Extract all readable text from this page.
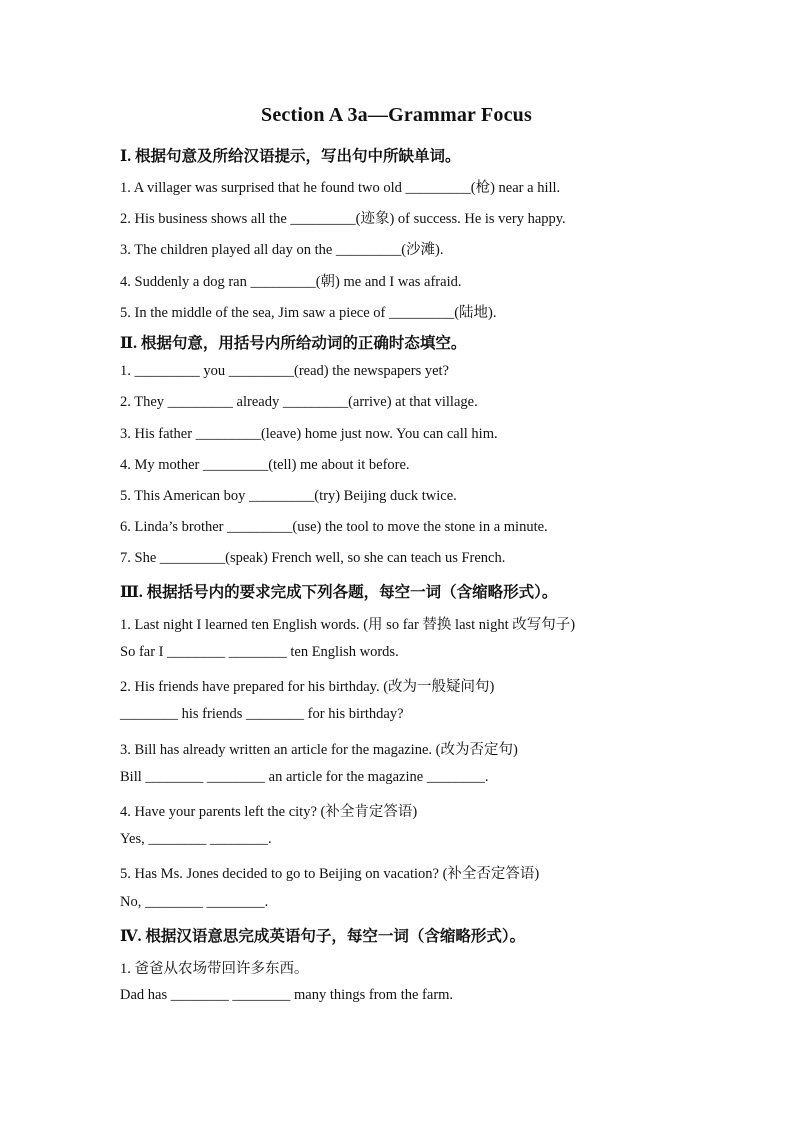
Section A 3a—Grammar Focus
Ⅰ. 根据句意及所给汉语提示，写出句中所缺单词。
1. A villager was surprised that he found two old _________(枪) near a hill.
2. His business shows all the _________(迹象) of success. He is very happy.
3. The children played all day on the _________(沙滩).
4. Suddenly a dog ran _________(朝) me and I was afraid.
5. In the middle of the sea, Jim saw a piece of _________(陆地).
Ⅱ. 根据句意，用括号内所给动词的正确时态填空。
1. _________ you _________(read) the newspapers yet?
2. They _________ already _________(arrive) at that village.
3. His father _________(leave) home just now. You can call him.
4. My mother _________(tell) me about it before.
5. This American boy _________(try) Beijing duck twice.
6. Linda’s brother _________(use) the tool to move the stone in a minute.
7. She _________(speak) French well, so she can teach us French.
Ⅲ. 根据括号内的要求完成下列各题，每空一词（含缩略形式）。
1. Last night I learned ten English words. (用 so far 替换 last night 改写句子)
So far I ________ ________ ten English words.
2. His friends have prepared for his birthday. (改为一般疑问句)
________ his friends ________ for his birthday?
3. Bill has already written an article for the magazine. (改为否定句)
Bill ________ ________ an article for the magazine ________.
4. Have your parents left the city? (补全肯定答语)
Yes, ________ ________.
5. Has Ms. Jones decided to go to Beijing on vacation? (补全否定答语)
No, ________ ________.
Ⅳ. 根据汉语意思完成英语句子，每空一词（含缩略形式）。
1. 爸爸从农场带回许多东西。
Dad has ________ ________ many things from the farm.
